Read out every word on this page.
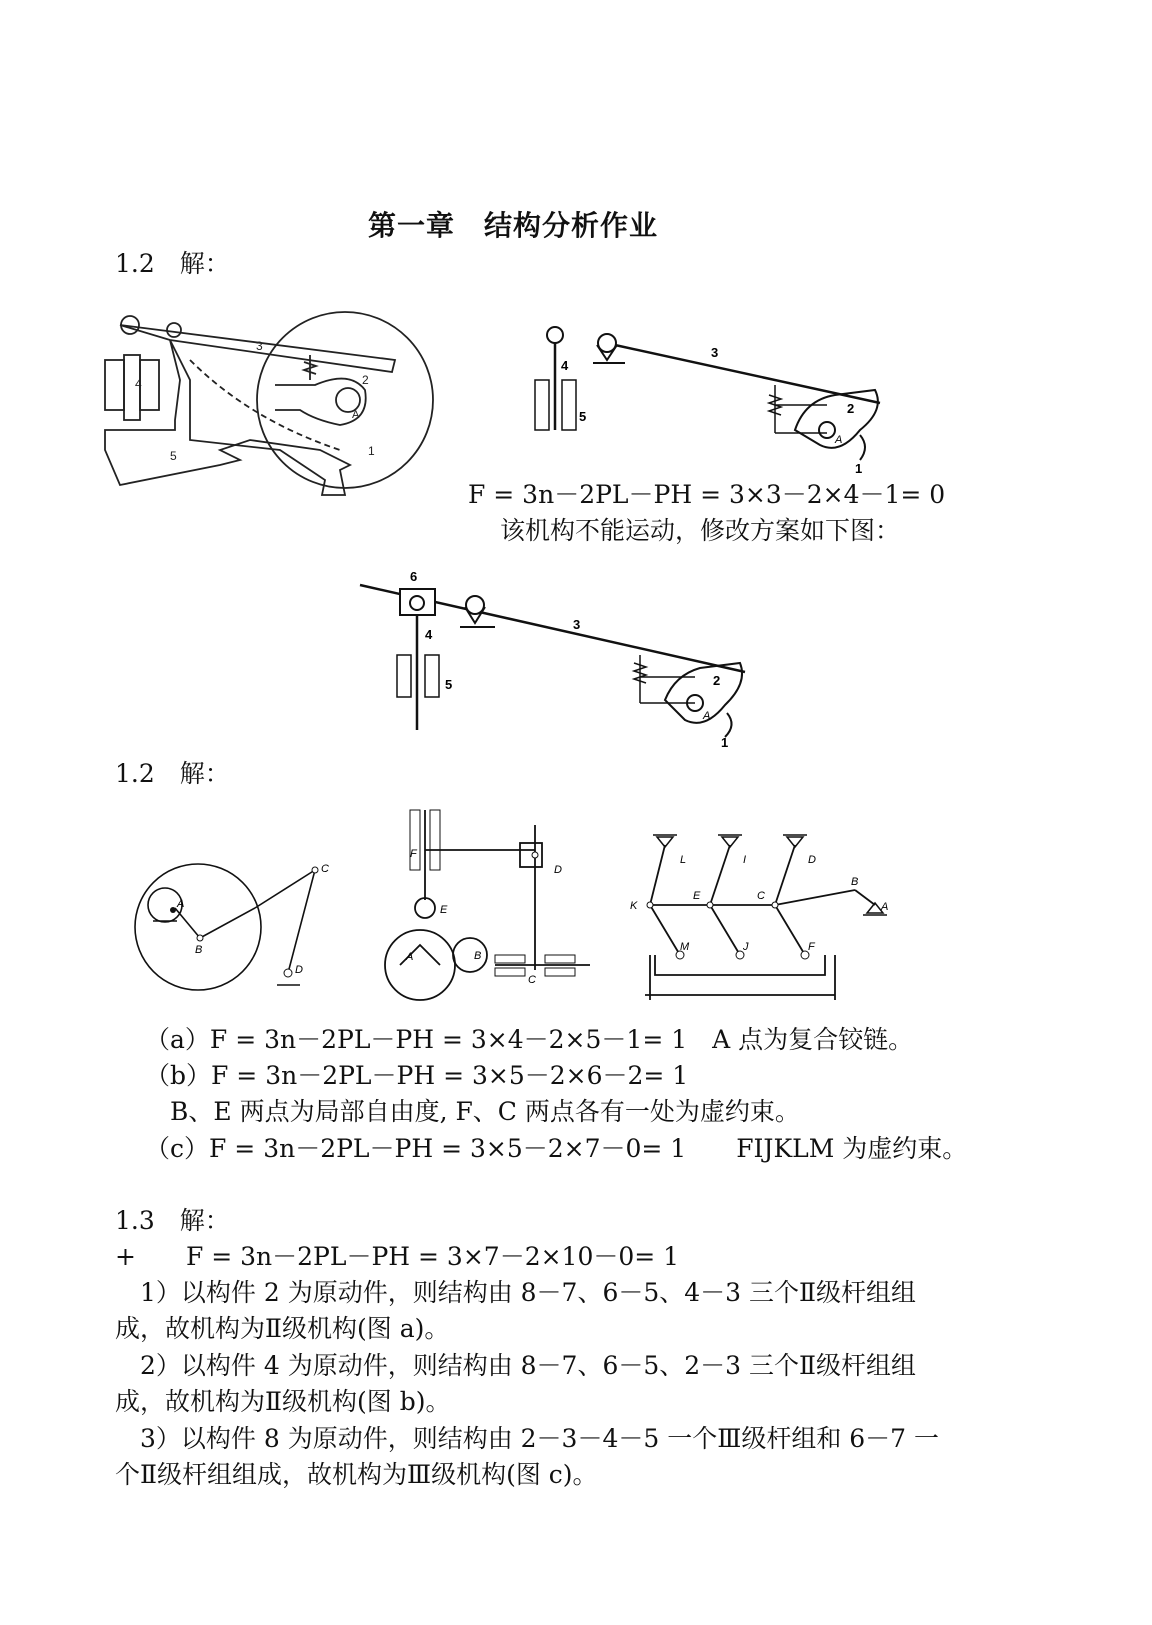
第一章　结构分析作业
1.2　解：
3
4
5
2
1
A
3
4
5
2
1
A
F = 3n－2PL－PH = 3×3－2×4－1= 0
该机构不能运动，修改方案如下图：
6
4
5
3
2
1
A
1.2　解：
A
B
C
D
F
D
E
A	B
C
L	I	D
K
E	C
B
A
M	J	F
（a）F = 3n－2PL－PH = 3×4－2×5－1= 1　A 点为复合铰链。
（b）F = 3n－2PL－PH = 3×5－2×6－2= 1
B、E 两点为局部自由度, F、C 两点各有一处为虚约束。
（c）F = 3n－2PL－PH = 3×5－2×7－0= 1　　FIJKLM 为虚约束。
1.3　解：
+　　F = 3n－2PL－PH = 3×7－2×10－0= 1
1）以构件 2 为原动件，则结构由 8－7、6－5、4－3 三个Ⅱ级杆组组
成，故机构为Ⅱ级机构(图 a)。
2）以构件 4 为原动件，则结构由 8－7、6－5、2－3 三个Ⅱ级杆组组
成，故机构为Ⅱ级机构(图 b)。
3）以构件 8 为原动件，则结构由 2－3－4－5 一个Ⅲ级杆组和 6－7 一
个Ⅱ级杆组组成，故机构为Ⅲ级机构(图 c)。
